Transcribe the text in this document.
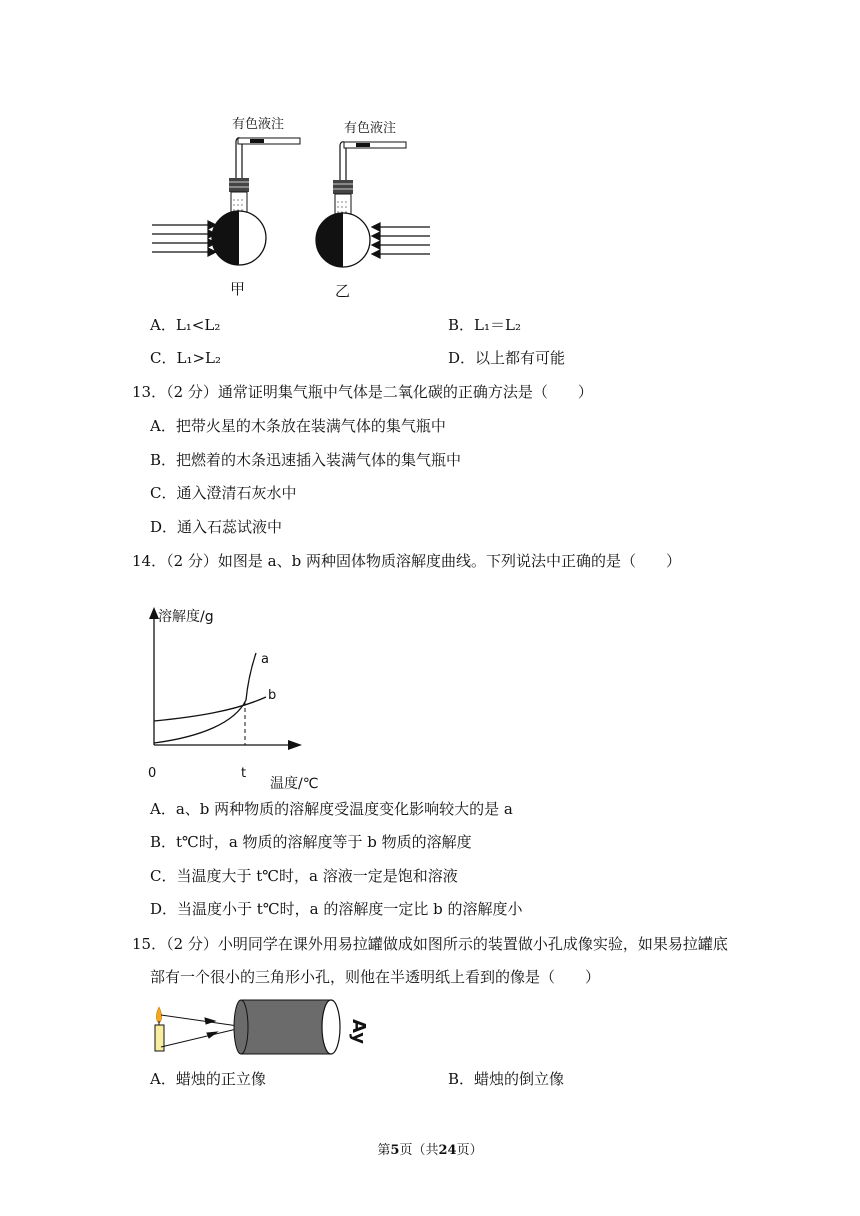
有色液注
甲
有色液注
乙
A．L₁<L₂	B．L₁＝L₂
C．L₁>L₂	D．以上都有可能
13．（2 分）通常证明集气瓶中气体是二氧化碳的正确方法是（　　）
A．把带火星的木条放在装满气体的集气瓶中
B．把燃着的木条迅速插入装满气体的集气瓶中
C．通入澄清石灰水中
D．通入石蕊试液中
14．（2 分）如图是 a、b 两种固体物质溶解度曲线。下列说法中正确的是（　　）
溶解度/g
a
b
0	t
温度/℃
A．a、b 两种物质的溶解度受温度变化影响较大的是 a
B．t℃时，a 物质的溶解度等于 b 物质的溶解度
C．当温度大于 t℃时，a 溶液一定是饱和溶液
D．当温度小于 t℃时，a 的溶解度一定比 b 的溶解度小
15．（2 分）小明同学在课外用易拉罐做成如图所示的装置做小孔成像实验，如果易拉罐底
部有一个很小的三角形小孔，则他在半透明纸上看到的像是（　　）
Ay
A．蜡烛的正立像	B．蜡烛的倒立像
第5页（共24页）
